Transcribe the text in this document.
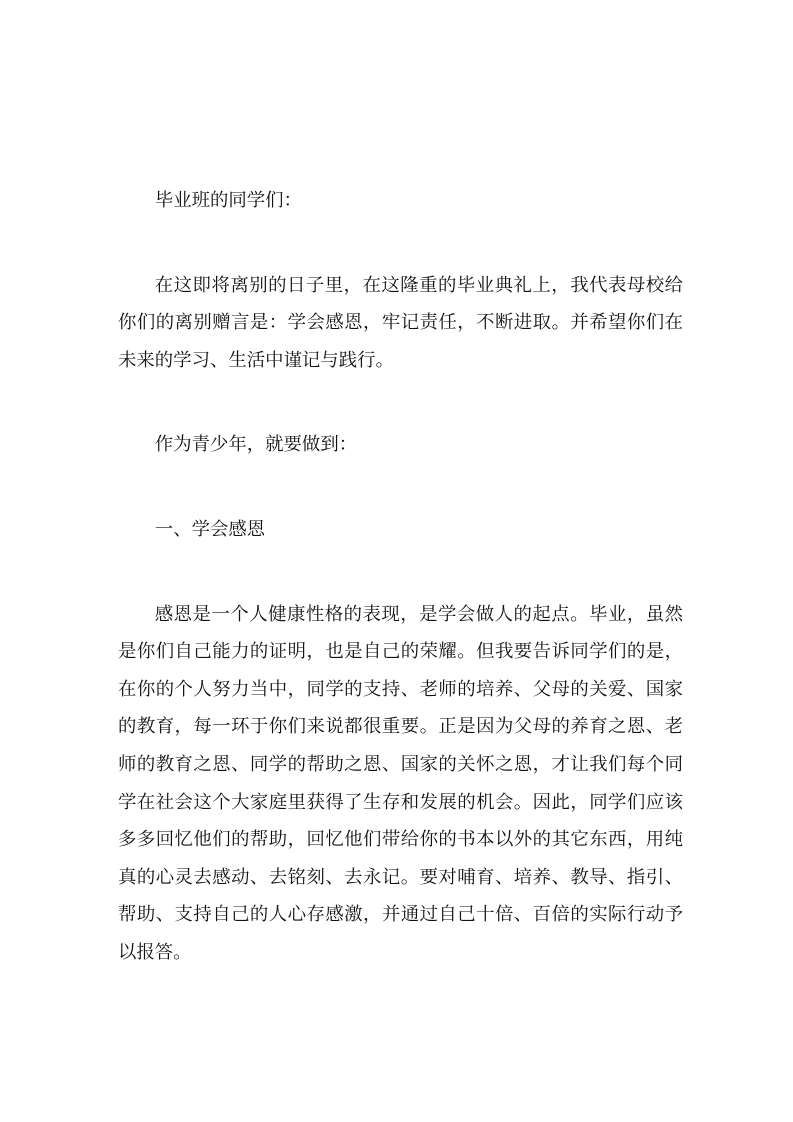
毕业班的同学们：

在这即将离别的日子里，在这隆重的毕业典礼上，我代表母校给你们的离别赠言是：学会感恩，牢记责任，不断进取。并希望你们在未来的学习、生活中谨记与践行。

作为青少年，就要做到：

一、学会感恩

感恩是一个人健康性格的表现，是学会做人的起点。毕业，虽然是你们自己能力的证明，也是自己的荣耀。但我要告诉同学们的是，在你的个人努力当中，同学的支持、老师的培养、父母的关爱、国家的教育，每一环于你们来说都很重要。正是因为父母的养育之恩、老师的教育之恩、同学的帮助之恩、国家的关怀之恩，才让我们每个同学在社会这个大家庭里获得了生存和发展的机会。因此，同学们应该多多回忆他们的帮助，回忆他们带给你的书本以外的其它东西，用纯真的心灵去感动、去铭刻、去永记。要对哺育、培养、教导、指引、帮助、支持自己的人心存感激，并通过自己十倍、百倍的实际行动予以报答。
